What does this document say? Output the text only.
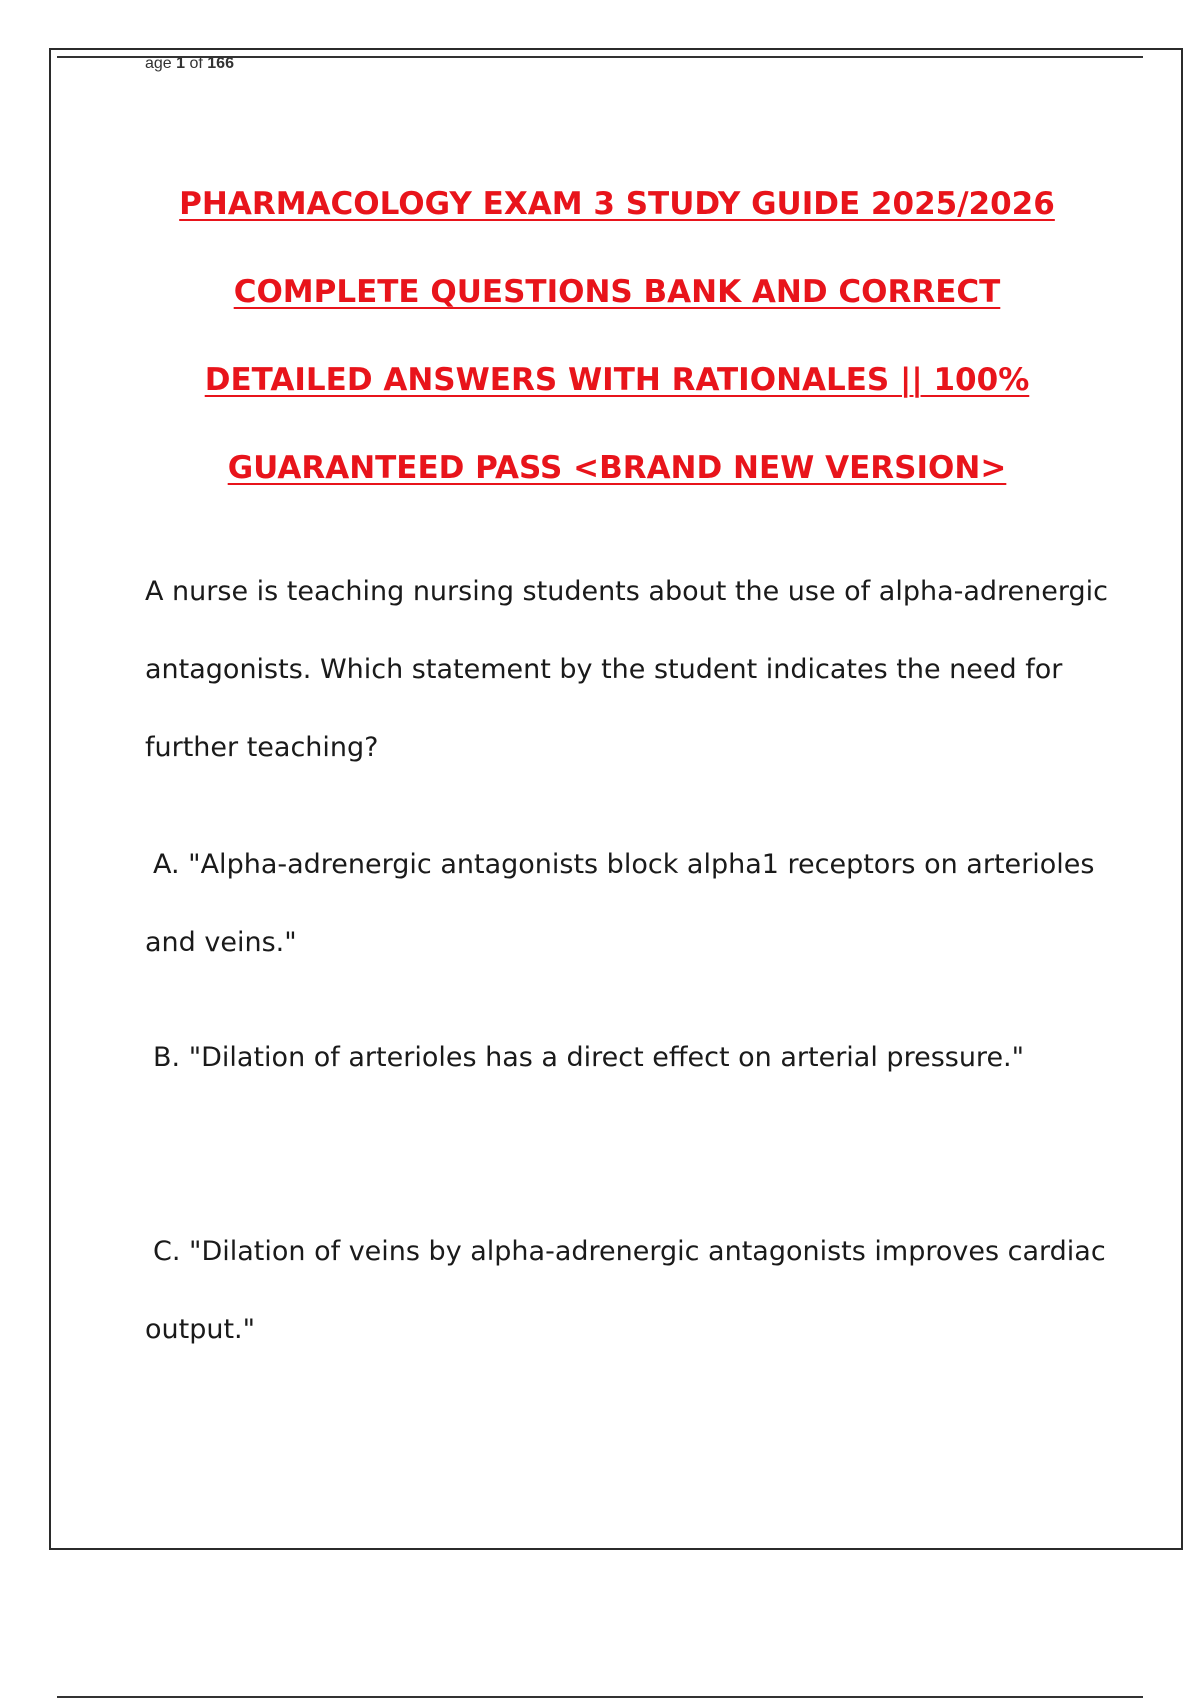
age 1 of 166
PHARMACOLOGY EXAM 3 STUDY GUIDE 2025/2026
COMPLETE QUESTIONS BANK AND CORRECT
DETAILED ANSWERS WITH RATIONALES || 100%
GUARANTEED PASS <BRAND NEW VERSION>
A nurse is teaching nursing students about the use of alpha-adrenergic antagonists. Which statement by the student indicates the need for further teaching?
A. "Alpha-adrenergic antagonists block alpha1 receptors on arterioles and veins."
B. "Dilation of arterioles has a direct effect on arterial pressure."
C. "Dilation of veins by alpha-adrenergic antagonists improves cardiac output."
